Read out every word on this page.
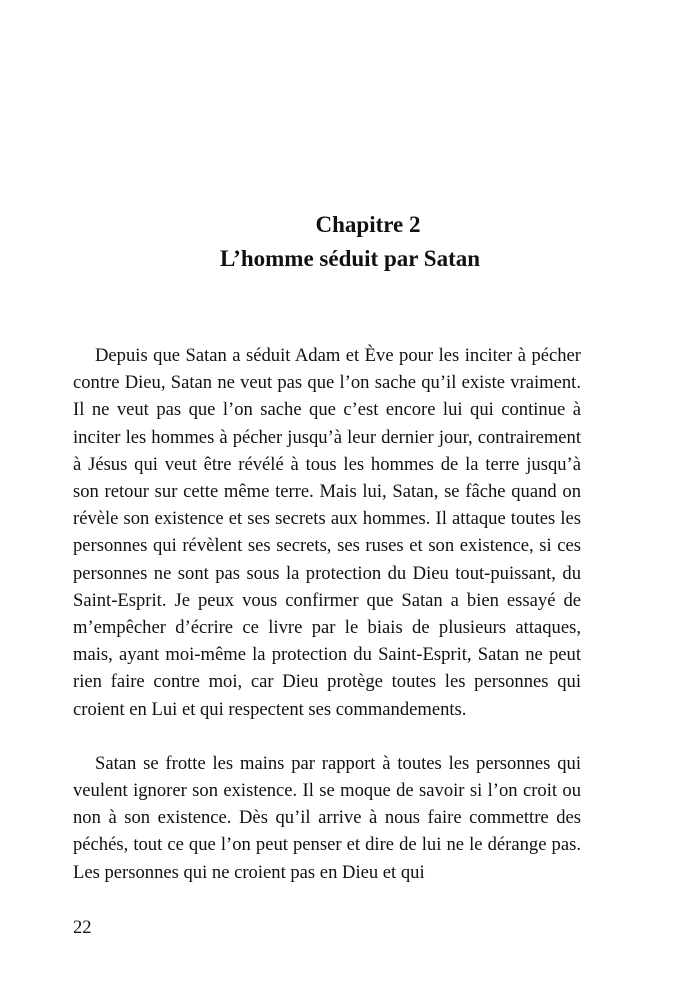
Chapitre 2
L’homme séduit par Satan

Depuis que Satan a séduit Adam et Ève pour les inciter à pécher contre Dieu, Satan ne veut pas que l’on sache qu’il existe vraiment. Il ne veut pas que l’on sache que c’est encore lui qui continue à inciter les hommes à pécher jusqu’à leur dernier jour, contrairement à Jésus qui veut être révélé à tous les hommes de la terre jusqu’à son retour sur cette même terre. Mais lui, Satan, se fâche quand on révèle son existence et ses secrets aux hommes. Il attaque toutes les personnes qui révèlent ses secrets, ses ruses et son existence, si ces personnes ne sont pas sous la protection du Dieu tout-puissant, du Saint-Esprit. Je peux vous confirmer que Satan a bien essayé de m’empêcher d’écrire ce livre par le biais de plusieurs attaques, mais, ayant moi-même la protection du Saint-Esprit, Satan ne peut rien faire contre moi, car Dieu protège toutes les personnes qui croient en Lui et qui respectent ses commandements.

Satan se frotte les mains par rapport à toutes les personnes qui veulent ignorer son existence. Il se moque de savoir si l’on croit ou non à son existence. Dès qu’il arrive à nous faire commettre des péchés, tout ce que l’on peut penser et dire de lui ne le dérange pas. Les personnes qui ne croient pas en Dieu et qui

22
